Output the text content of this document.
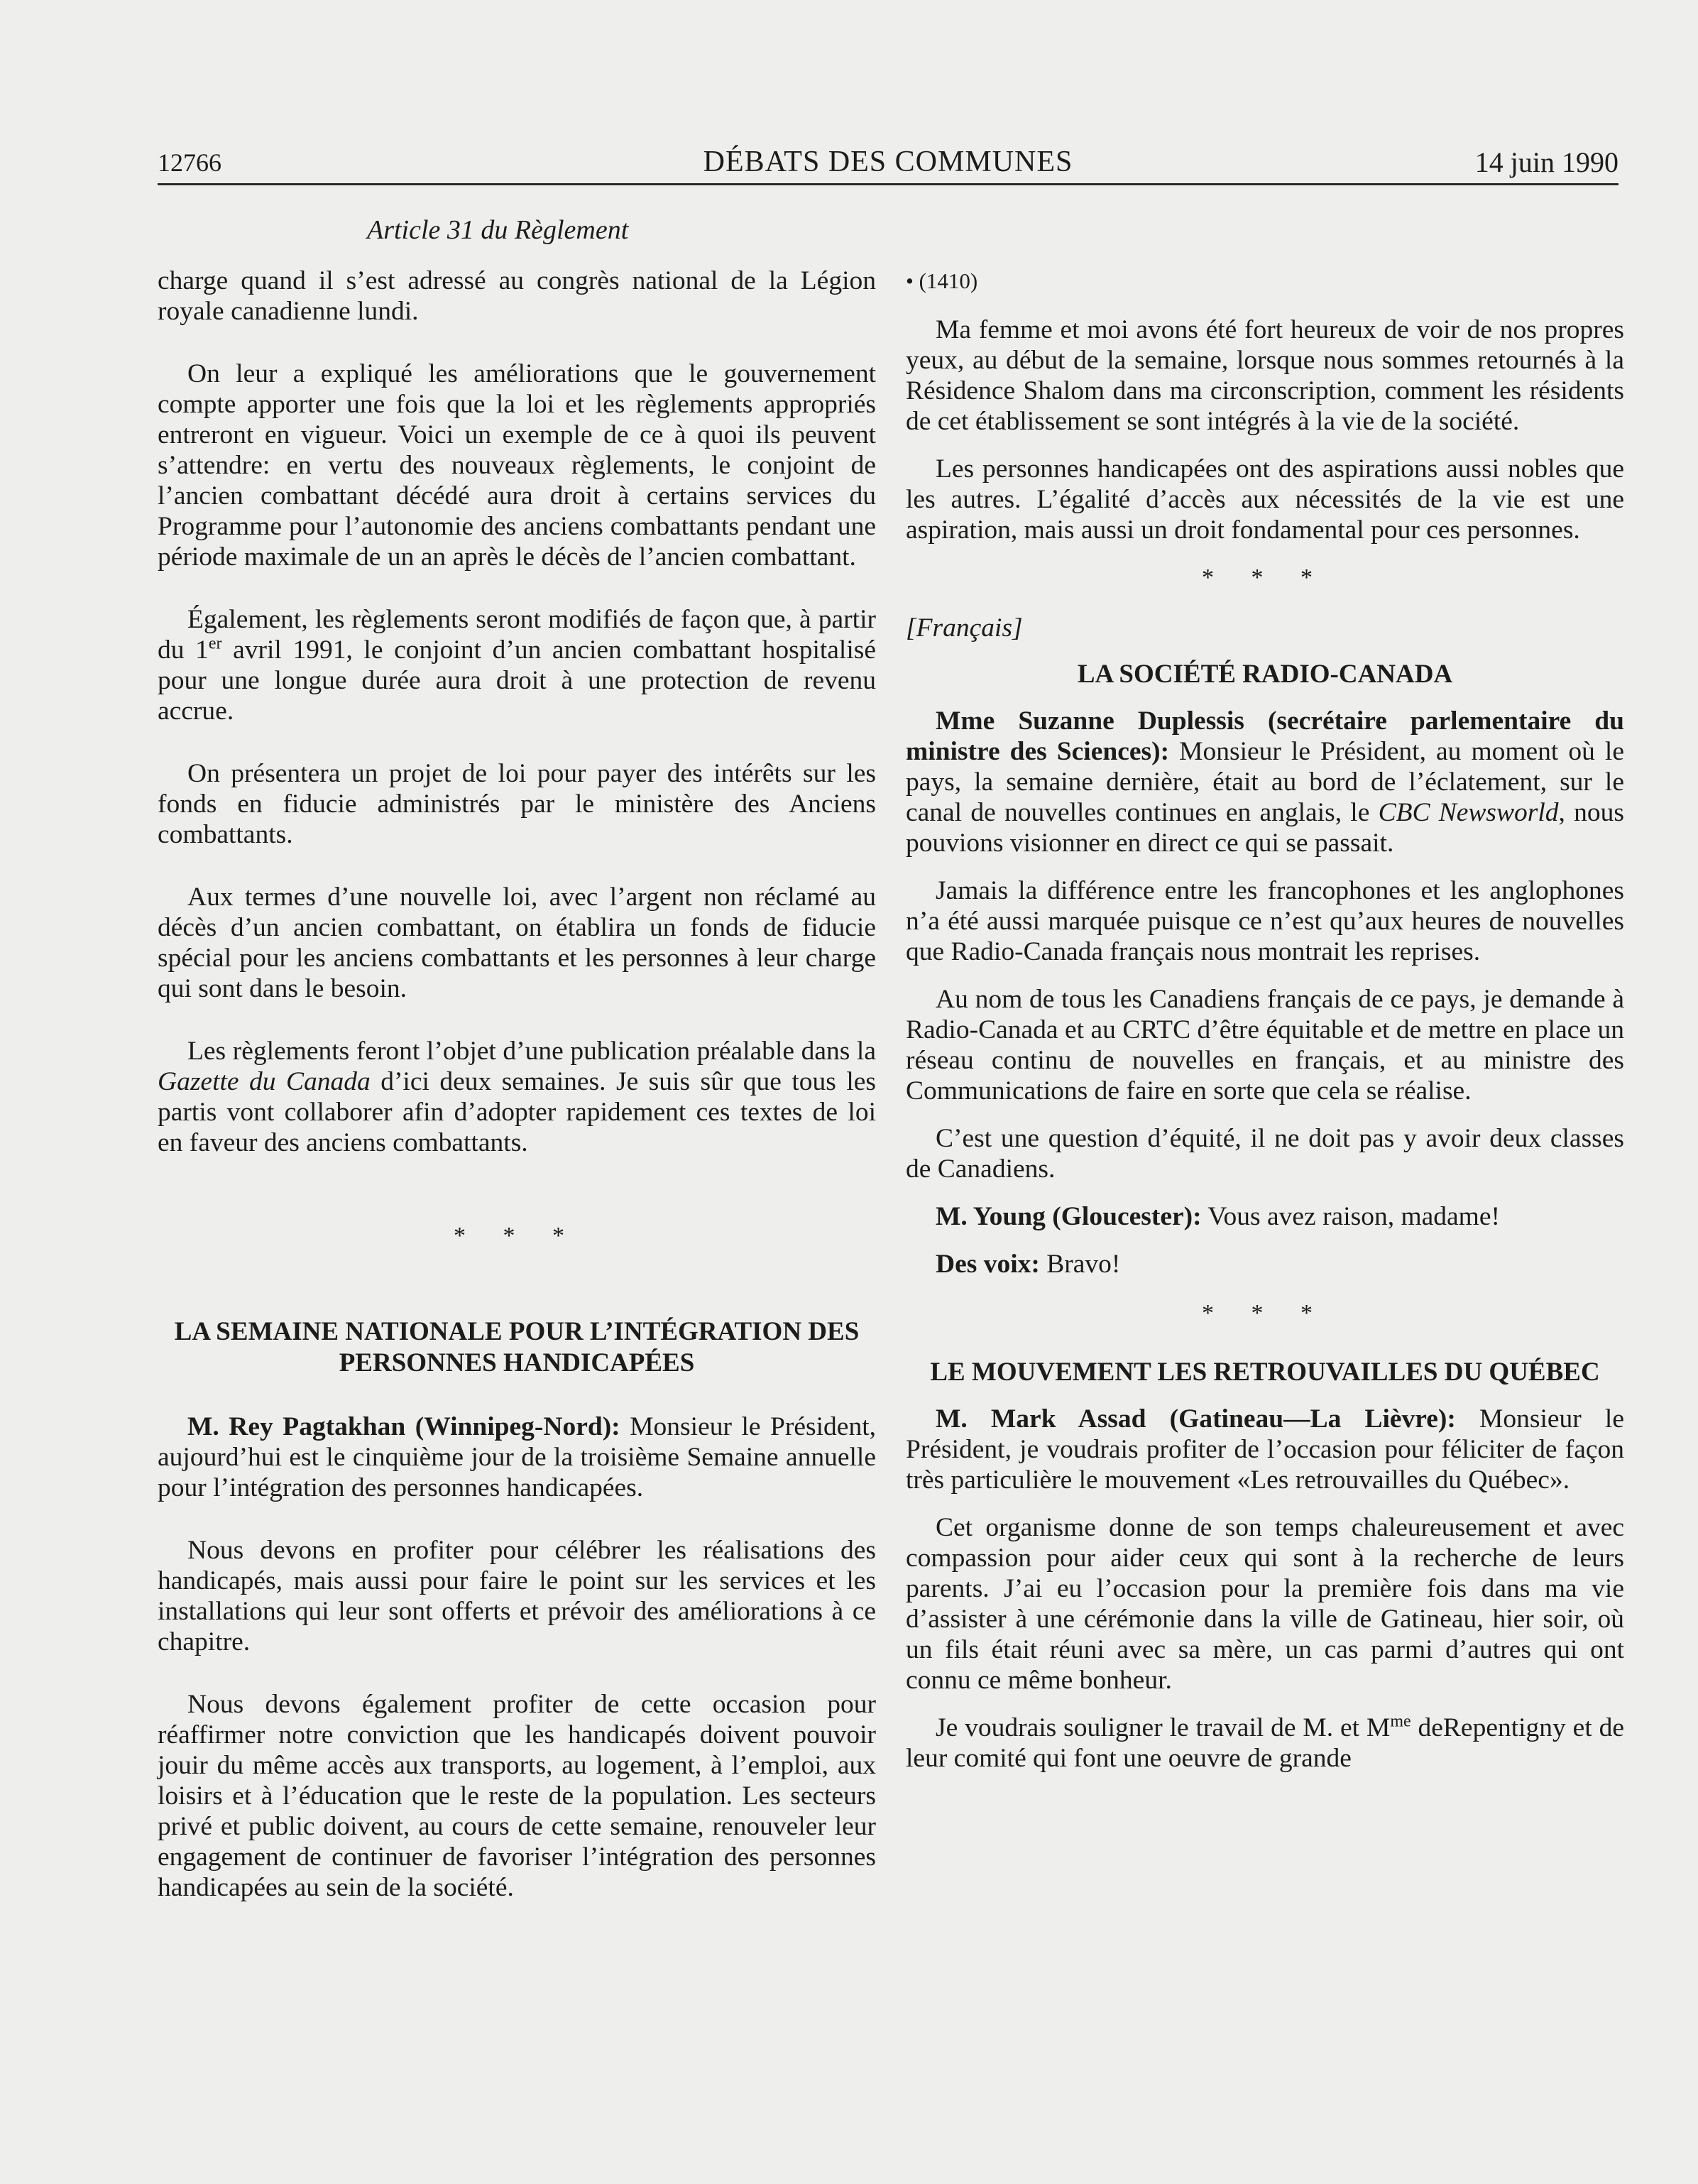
12766	DÉBATS DES COMMUNES	14 juin 1990
Article 31 du Règlement

charge quand il s’est adressé au congrès national de la Légion royale canadienne lundi.

On leur a expliqué les améliorations que le gouvernement compte apporter une fois que la loi et les règlements appropriés entreront en vigueur. Voici un exemple de ce à quoi ils peuvent s’attendre: en vertu des nouveaux règlements, le conjoint de l’ancien combattant décédé aura droit à certains services du Programme pour l’autonomie des anciens combattants pendant une période maximale de un an après le décès de l’ancien combattant.

Également, les règlements seront modifiés de façon que, à partir du 1er avril 1991, le conjoint d’un ancien combattant hospitalisé pour une longue durée aura droit à une protection de revenu accrue.

On présentera un projet de loi pour payer des intérêts sur les fonds en fiducie administrés par le ministère des Anciens combattants.

Aux termes d’une nouvelle loi, avec l’argent non réclamé au décès d’un ancien combattant, on établira un fonds de fiducie spécial pour les anciens combattants et les personnes à leur charge qui sont dans le besoin.

Les règlements feront l’objet d’une publication préalable dans la Gazette du Canada d’ici deux semaines. Je suis sûr que tous les partis vont collaborer afin d’adopter rapidement ces textes de loi en faveur des anciens combattants.

* * *
LA SEMAINE NATIONALE POUR L’INTÉGRATION DES PERSONNES HANDICAPÉES

M. Rey Pagtakhan (Winnipeg-Nord): Monsieur le Président, aujourd’hui est le cinquième jour de la troisième Semaine annuelle pour l’intégration des personnes handicapées.

Nous devons en profiter pour célébrer les réalisations des handicapés, mais aussi pour faire le point sur les services et les installations qui leur sont offerts et prévoir des améliorations à ce chapitre.

Nous devons également profiter de cette occasion pour réaffirmer notre conviction que les handicapés doivent pouvoir jouir du même accès aux transports, au logement, à l’emploi, aux loisirs et à l’éducation que le reste de la population. Les secteurs privé et public doivent, au cours de cette semaine, renouveler leur engagement de continuer de favoriser l’intégration des personnes handicapées au sein de la société.

• (1410)

Ma femme et moi avons été fort heureux de voir de nos propres yeux, au début de la semaine, lorsque nous sommes retournés à la Résidence Shalom dans ma circonscription, comment les résidents de cet établissement se sont intégrés à la vie de la société.

Les personnes handicapées ont des aspirations aussi nobles que les autres. L’égalité d’accès aux nécessités de la vie est une aspiration, mais aussi un droit fondamental pour ces personnes.

* * *

[Français]

LA SOCIÉTÉ RADIO-CANADA

Mme Suzanne Duplessis (secrétaire parlementaire du ministre des Sciences): Monsieur le Président, au moment où le pays, la semaine dernière, était au bord de l’éclatement, sur le canal de nouvelles continues en anglais, le CBC Newsworld, nous pouvions visionner en direct ce qui se passait.

Jamais la différence entre les francophones et les anglophones n’a été aussi marquée puisque ce n’est qu’aux heures de nouvelles que Radio-Canada français nous montrait les reprises.

Au nom de tous les Canadiens français de ce pays, je demande à Radio-Canada et au CRTC d’être équitable et de mettre en place un réseau continu de nouvelles en français, et au ministre des Communications de faire en sorte que cela se réalise.

C’est une question d’équité, il ne doit pas y avoir deux classes de Canadiens.

M. Young (Gloucester): Vous avez raison, madame!

Des voix: Bravo!

* * *
LE MOUVEMENT LES RETROUVAILLES DU QUÉBEC

M. Mark Assad (Gatineau—La Lièvre): Monsieur le Président, je voudrais profiter de l’occasion pour féliciter de façon très particulière le mouvement «Les retrouvailles du Québec».

Cet organisme donne de son temps chaleureusement et avec compassion pour aider ceux qui sont à la recherche de leurs parents. J’ai eu l’occasion pour la première fois dans ma vie d’assister à une cérémonie dans la ville de Gatineau, hier soir, où un fils était réuni avec sa mère, un cas parmi d’autres qui ont connu ce même bonheur.

Je voudrais souligner le travail de M. et $M^{me}$ deRepentigny et de leur comité qui font une oeuvre de grande
